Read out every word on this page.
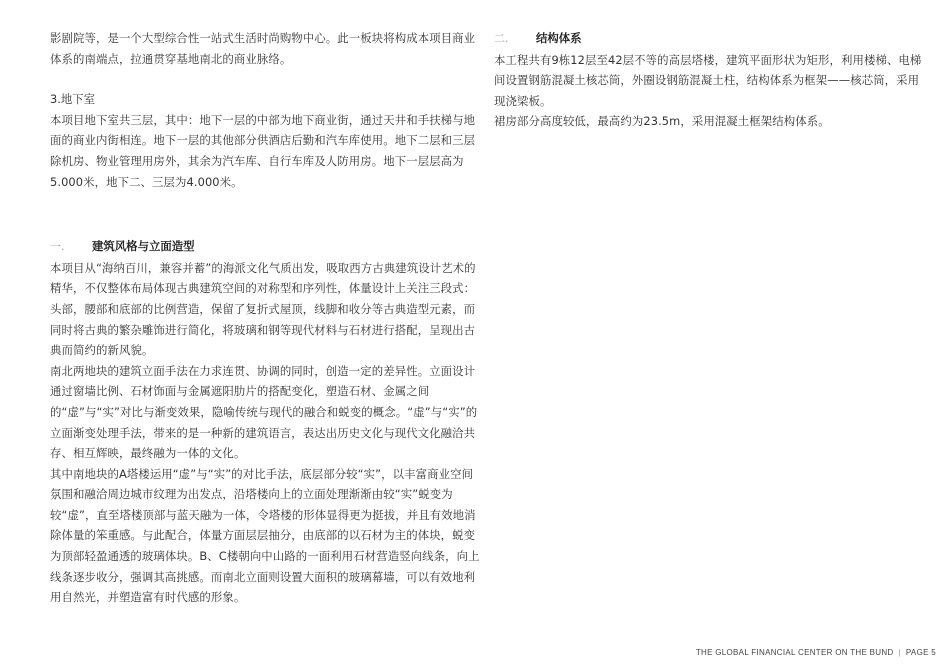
影剧院等，是一个大型综合性一站式生活时尚购物中心。此一板块将构成本项目商业体系的南端点，拉通贯穿基地南北的商业脉络。

3.地下室

本项目地下室共三层，其中：地下一层的中部为地下商业街，通过天井和手扶梯与地面的商业内街相连。地下一层的其他部分供酒店后勤和汽车库使用。地下二层和三层除机房、物业管理用房外，其余为汽车库、自行车库及人防用房。地下一层层高为5.000米，地下二、三层为4.000米。

一.	建筑风格与立面造型

本项目从“海纳百川，兼容并蓄”的海派文化气质出发，吸取西方古典建筑设计艺术的精华，不仅整体布局体现古典建筑空间的对称型和序列性，体量设计上关注三段式：头部，腰部和底部的比例营造，保留了复折式屋顶，线脚和收分等古典造型元素，而同时将古典的繁杂雕饰进行简化，将玻璃和钢等现代材料与石材进行搭配，呈现出古典而简约的新风貌。

南北两地块的建筑立面手法在力求连贯、协调的同时，创造一定的差异性。立面设计通过窗墙比例、石材饰面与金属遮阳肋片的搭配变化，塑造石材、金属之间的“虚”与“实”对比与渐变效果，隐喻传统与现代的融合和蜕变的概念。“虚”与“实”的立面渐变处理手法，带来的是一种新的建筑语言，表达出历史文化与现代文化融洽共存、相互辉映，最终融为一体的文化。

其中南地块的A塔楼运用“虚”与“实”的对比手法，底层部分较“实”，以丰富商业空间氛围和融洽周边城市纹理为出发点，沿塔楼向上的立面处理渐渐由较“实”蜕变为较“虚”，直至塔楼顶部与蓝天融为一体，令塔楼的形体显得更为挺拔，并且有效地消除体量的笨重感。与此配合，体量方面层层抽分，由底部的以石材为主的体块，蜕变为顶部轻盈通透的玻璃体块。B、C楼朝向中山路的一面利用石材营造竖向线条，向上线条逐步收分，强调其高挑感。而南北立面则设置大面积的玻璃幕墙，可以有效地利用自然光，并塑造富有时代感的形象。

二.	结构体系

本工程共有9栋12层至42层不等的高层塔楼，建筑平面形状为矩形，利用楼梯、电梯间设置钢筋混凝土核芯筒，外圈设钢筋混凝土柱，结构体系为框架——核芯筒，采用现浇梁板。

裙房部分高度较低，最高约为23.5m，采用混凝土框架结构体系。

THE GLOBAL FINANCIAL CENTER ON THE BUND | PAGE 5
